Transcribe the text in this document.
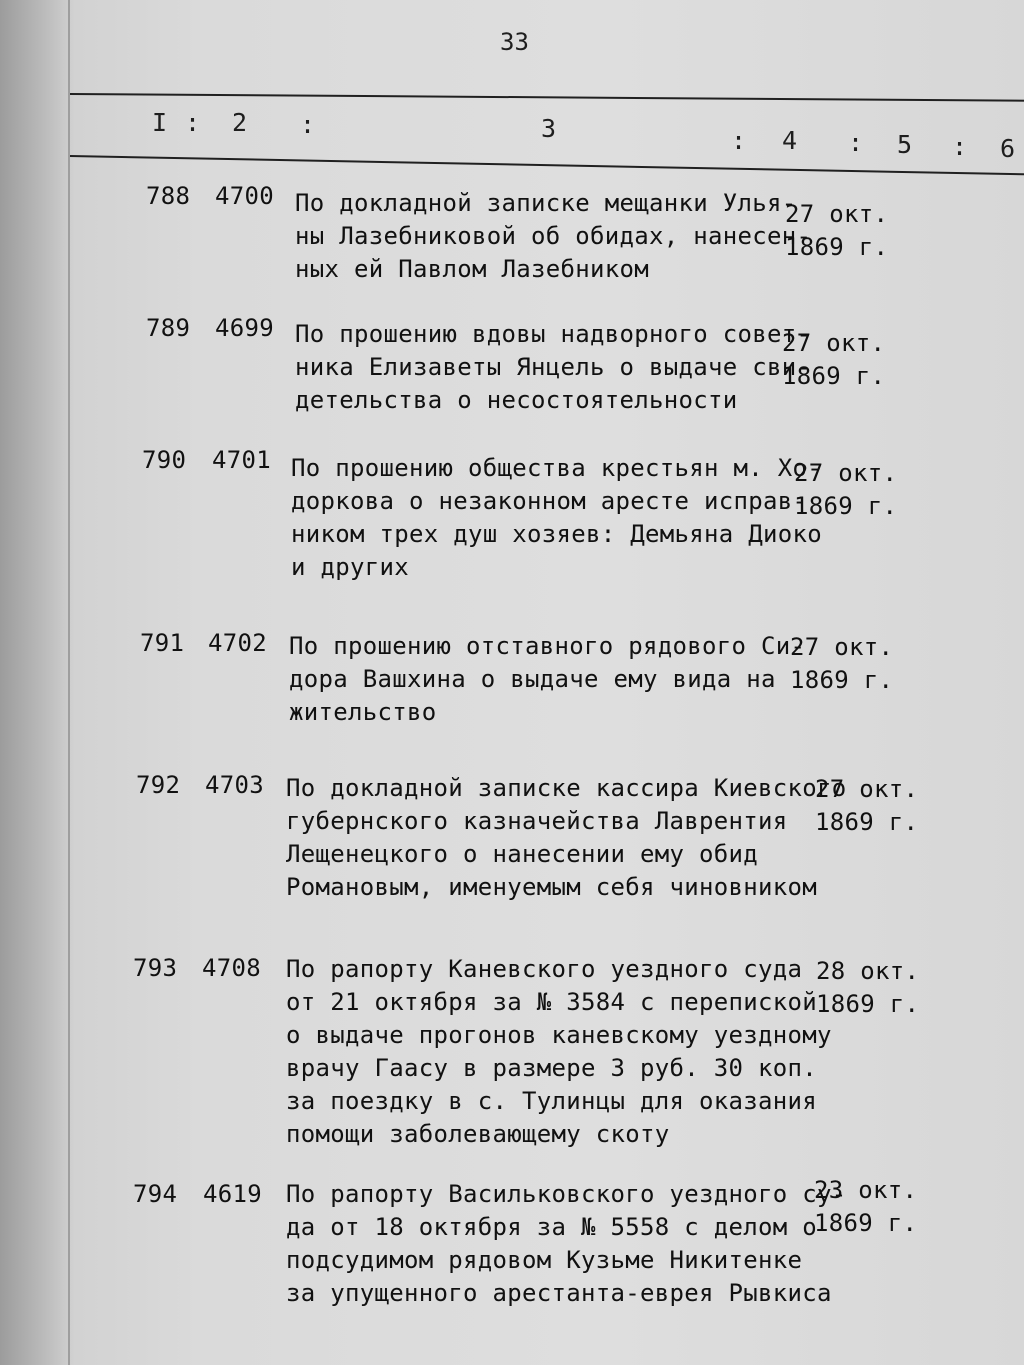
33
I : 2 :	3	: 4 : 5 : 6
788 4700 По докладной записке мещанки Улья-
ны Лазебниковой об обидах, нанесен-
ных ей Павлом Лазебником
27 окт.
1869 г.
789 4699 По прошению вдовы надворного совет-
ника Елизаветы Янцель о выдаче сви-
детельства о несостоятельности
27 окт.
1869 г.
790 4701 По прошению общества крестьян м. Хо-
доркова о незаконном аресте исправ-
ником трех душ хозяев: Демьяна Диоко
и других
27 окт.
1869 г.
791 4702 По прошению отставного рядового Си-
дора Вашхина о выдаче ему вида на
жительство
27 окт.
1869 г.
792 4703 По докладной записке кассира Киевского
губернского казначейства Лаврентия
Лещенецкого о нанесении ему обид
Романовым, именуемым себя чиновником
27 окт.
1869 г.
793 4708 По рапорту Каневского уездного суда
от 21 октября за № 3584 с перепиской
о выдаче прогонов каневскому уездному
врачу Гаасу в размере 3 руб. 30 коп.
за поездку в с. Тулинцы для оказания
помощи заболевающему скоту
28 окт.
1869 г.
794 4619 По рапорту Васильковского уездного су-
да от 18 октября за № 5558 с делом о
подсудимом рядовом Кузьме Никитенке
за упущенного арестанта-еврея Рывкиса
23 окт.
1869 г.
